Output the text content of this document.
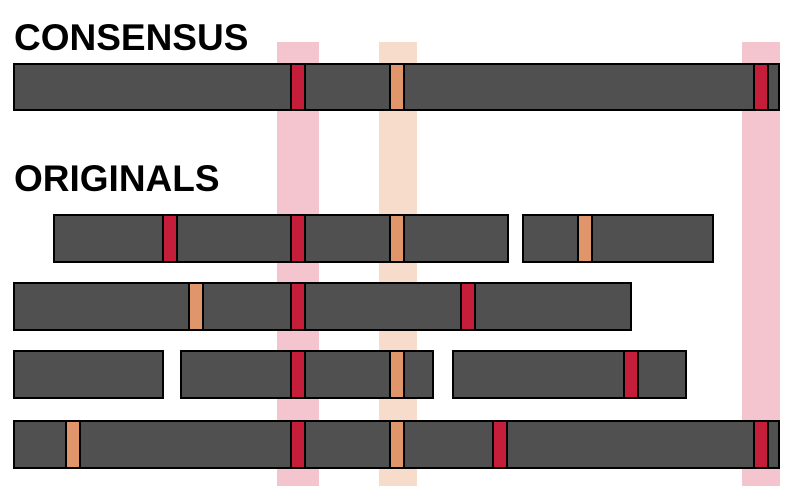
CONSENSUS
ORIGINALS
